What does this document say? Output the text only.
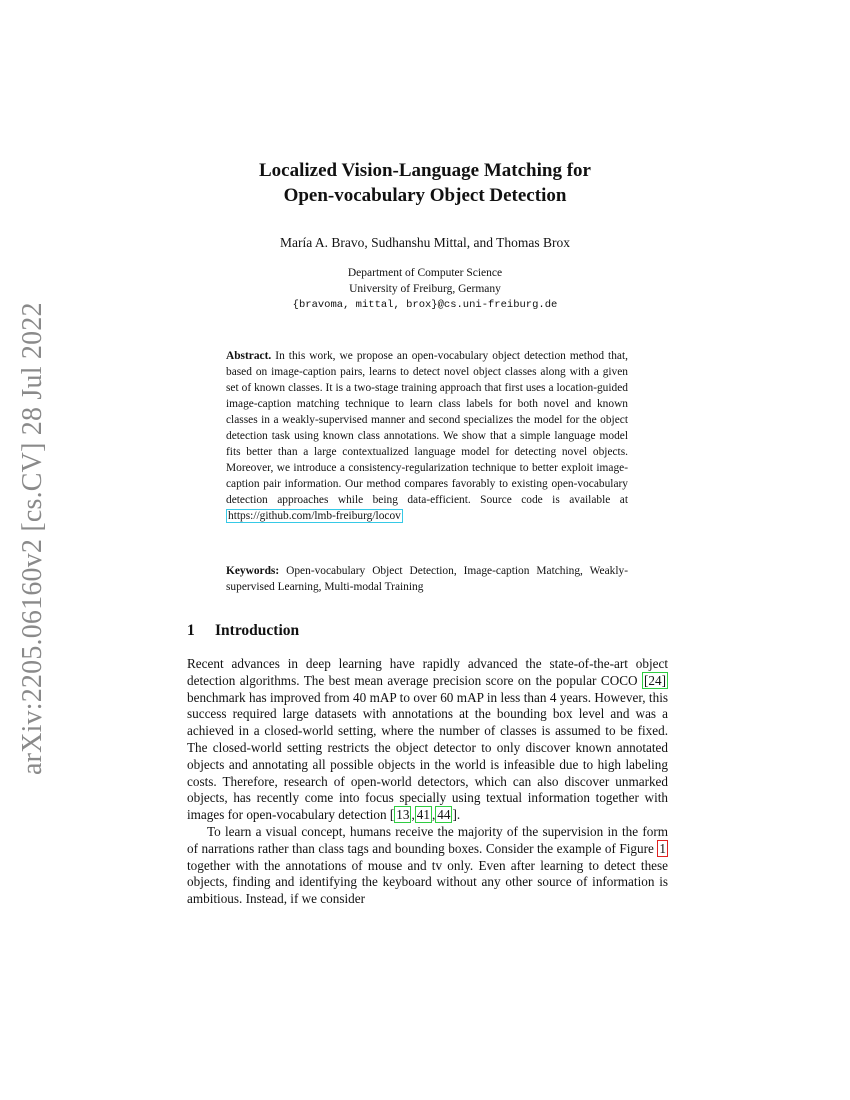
arXiv:2205.06160v2 [cs.CV] 28 Jul 2022
Localized Vision-Language Matching for
Open-vocabulary Object Detection
María A. Bravo, Sudhanshu Mittal, and Thomas Brox
Department of Computer Science
University of Freiburg, Germany
{bravoma, mittal, brox}@cs.uni-freiburg.de

Abstract. In this work, we propose an open-vocabulary object detection method that, based on image-caption pairs, learns to detect novel object classes along with a given set of known classes. It is a two-stage training approach that first uses a location-guided image-caption matching technique to learn class labels for both novel and known classes in a weakly-supervised manner and second specializes the model for the object detection task using known class annotations. We show that a simple language model fits better than a large contextualized language model for detecting novel objects. Moreover, we introduce a consistency-regularization technique to better exploit image-caption pair information. Our method compares favorably to existing open-vocabulary detection approaches while being data-efficient. Source code is available at https://github.com/lmb-freiburg/locov

Keywords: Open-vocabulary Object Detection, Image-caption Matching, Weakly-supervised Learning, Multi-modal Training

1 Introduction

Recent advances in deep learning have rapidly advanced the state-of-the-art object detection algorithms. The best mean average precision score on the popular COCO [24] benchmark has improved from 40 mAP to over 60 mAP in less than 4 years. However, this success required large datasets with annotations at the bounding box level and was a achieved in a closed-world setting, where the number of classes is assumed to be fixed. The closed-world setting restricts the object detector to only discover known annotated objects and annotating all possible objects in the world is infeasible due to high labeling costs. Therefore, research of open-world detectors, which can also discover unmarked objects, has recently come into focus specially using textual information together with images for open-vocabulary detection [ 13 , 41 , 44 ].

To learn a visual concept, humans receive the majority of the supervision in the form of narrations rather than class tags and bounding boxes. Consider the example of Figure 1 together with the annotations of mouse and tv only. Even after learning to detect these objects, finding and identifying the keyboard without any other source of information is ambitious. Instead, if we consider
